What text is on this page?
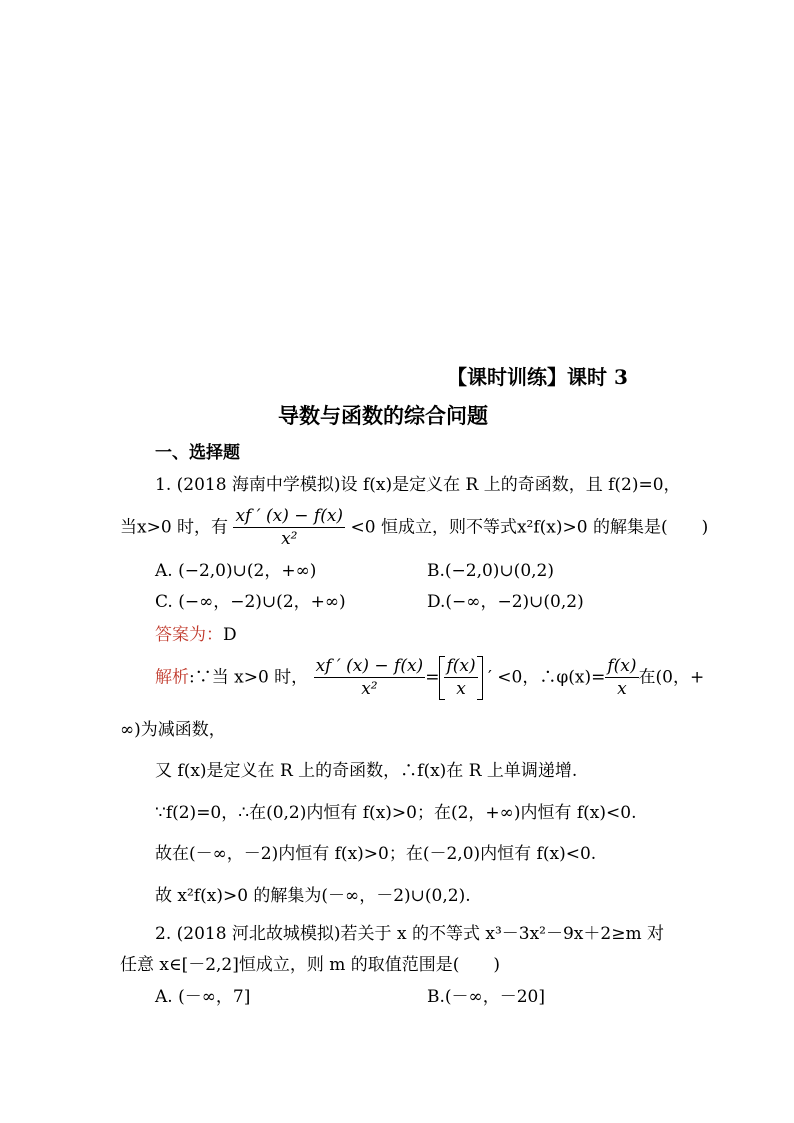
【课时训练】课时 3
导数与函数的综合问题
一、选择题
1. (2018 海南中学模拟)设 f(x)是定义在 R 上的奇函数，且 f(2)=0，
当x>0 时，有 $\frac{xf ' (x) - f(x)}{\text{x²}} <0$ 恒成立，则不等式x²f(x)>0 的解集是(　　)
A. (−2,0)∪(2，+∞)	B.(−2,0)∪(0,2)
C. (−∞，−2)∪(2，+∞)	D.(−∞，−2)∪(0,2)
答案为：D
解析:∵当 x>0 时， $\frac{xf ' (x) - f(x)}{\text{x²}} = \frac{f(x)}{x}$ ′ <0，∴φ(x)= $\frac{f(x)}{x}$ 在(0，+
∞)为减函数，
又 f(x)是定义在 R 上的奇函数，∴f(x)在 R 上单调递增.
∵f(2)=0，∴在(0,2)内恒有 f(x)>0；在(2，+∞)内恒有 f(x)<0.
故在(－∞，－2)内恒有 f(x)>0；在(－2,0)内恒有 f(x)<0.
故 x²f(x)>0 的解集为(－∞，－2)∪(0,2).
2. (2018 河北故城模拟)若关于 x 的不等式 x³－3x²－9x＋2≥m 对
任意 x∈[－2,2]恒成立，则 m 的取值范围是(　　)
A. (－∞，7]	B.(－∞，－20]
